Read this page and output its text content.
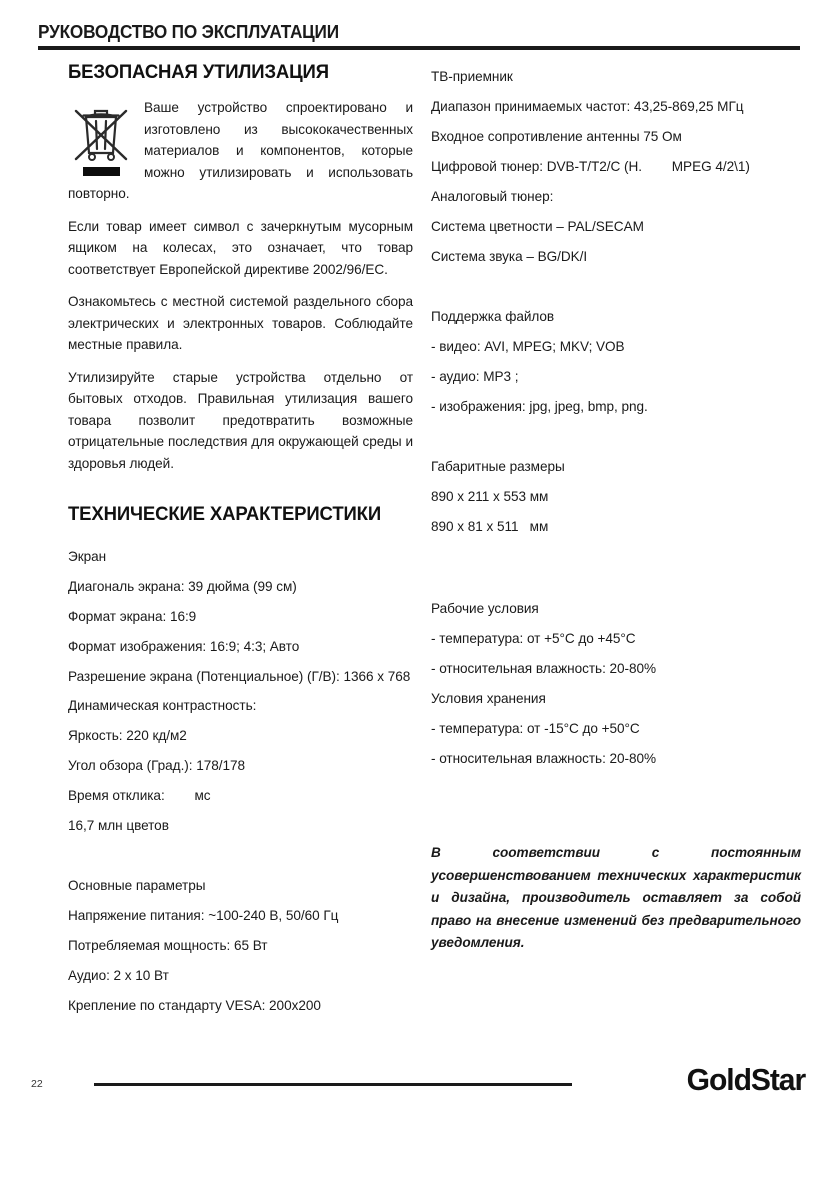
РУКОВОДСТВО ПО ЭКСПЛУАТАЦИИ
БЕЗОПАСНАЯ УТИЛИЗАЦИЯ

Ваше устройство спроектировано и изготовлено из высококачественных материалов и компонентов, которые можно утилизировать и использовать повторно.

Если товар имеет символ с зачеркнутым мусорным ящиком на колесах, это означает, что товар соответствует Европейской директиве 2002/96/EC.

Ознакомьтесь с местной системой раздельного сбора электрических и электронных товаров. Соблюдайте местные правила.

Утилизируйте старые устройства отдельно от бытовых отходов. Правильная утилизация вашего товара позволит предотвратить возможные отрицательные последствия для окружающей среды и здоровья людей.

ТЕХНИЧЕСКИЕ ХАРАКТЕРИСТИКИ
Экран
Диагональ экрана: 39 дюйма (99 см)
Формат экрана: 16:9
Формат изображения: 16:9; 4:3; Авто
Разрешение экрана (Потенциальное) (Г/В): 1366 x 768
Динамическая контрастность:
Яркость: 220 кд/м2
Угол обзора (Град.): 178/178
Время отклика:        мс
16,7 млн цветов
Основные параметры
Напряжение питания: ~100-240 В, 50/60 Гц
Потребляемая мощность: 65 Вт
Аудио: 2 x 10 Вт
Крепление по стандарту VESA: 200x200
ТВ-приемник
Диапазон принимаемых частот: 43,25-869,25 МГц
Входное сопротивление антенны 75 Ом
Цифровой тюнер: DVB-T/T2/C (H.        MPEG 4/2\1)
Аналоговый тюнер:
Система цветности – PAL/SECAM
Система звука – BG/DK/I
Поддержка файлов
- видео: AVI, MPEG; MKV; VOB
- аудио: MP3 ;
- изображения: jpg, jpeg, bmp, png.
Габаритные размеры
890 x 211 x 553 мм
890 x 81 x 511   мм
Рабочие условия
- температура: от +5°C до +45°C
- относительная влажность: 20-80%
Условия хранения
- температура: от -15°C до +50°C
- относительная влажность: 20-80%

В соответствии с постоянным усовершенствованием технических характеристик и дизайна, производитель оставляет за собой право на внесение изменений без предварительного уведомления.

22	GoldStar
